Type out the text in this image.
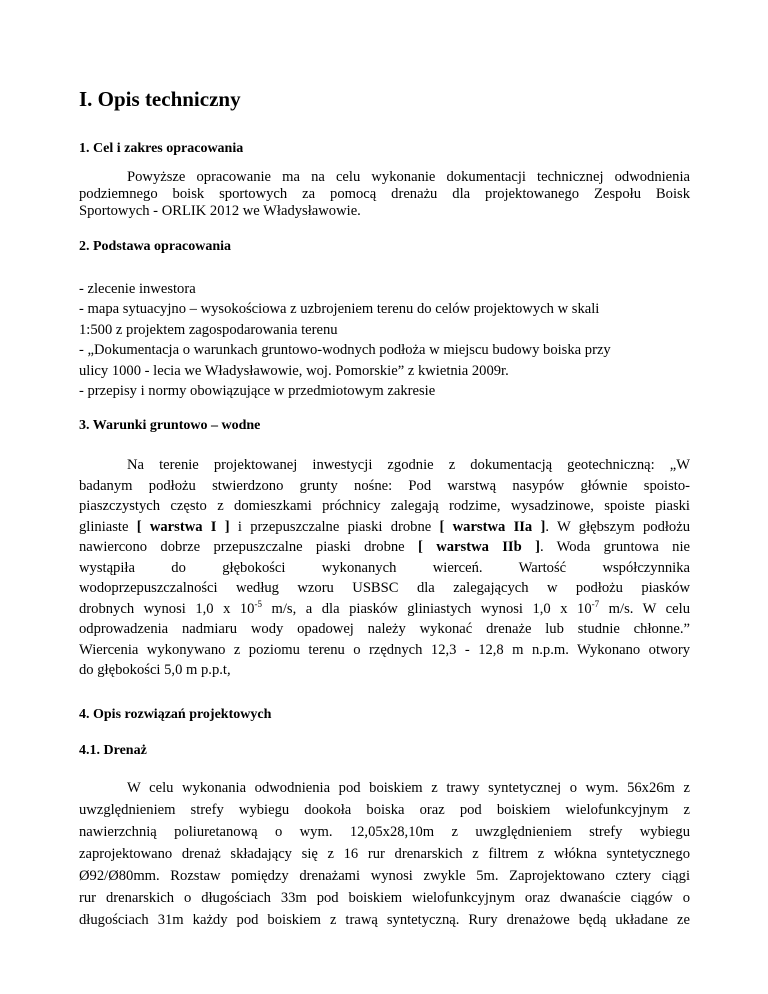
I. Opis techniczny
1. Cel i zakres opracowania
Powyższe opracowanie ma na celu wykonanie dokumentacji technicznej odwodnienia
podziemnego boisk sportowych za pomocą drenażu dla projektowanego Zespołu Boisk
Sportowych - ORLIK 2012 we Władysławowie.
2. Podstawa opracowania
- zlecenie inwestora
- mapa sytuacyjno – wysokościowa z uzbrojeniem terenu do celów projektowych w skali
1:500 z projektem zagospodarowania terenu
- „Dokumentacja o warunkach gruntowo-wodnych podłoża w miejscu budowy boiska przy
ulicy 1000 - lecia we Władysławowie, woj. Pomorskie” z kwietnia 2009r.
- przepisy i normy obowiązujące w przedmiotowym zakresie
3. Warunki gruntowo – wodne
Na terenie projektowanej inwestycji zgodnie z dokumentacją geotechniczną: „W
badanym podłożu stwierdzono grunty nośne: Pod warstwą nasypów głównie spoisto-
piaszczystych często z domieszkami próchnicy zalegają rodzime, wysadzinowe, spoiste piaski
gliniaste [ warstwa I ] i przepuszczalne piaski drobne [ warstwa IIa ]. W głębszym podłożu
nawiercono dobrze przepuszczalne piaski drobne [ warstwa IIb ]. Woda gruntowa nie
wystąpiła do głębokości wykonanych wierceń. Wartość współczynnika
wodoprzepuszczalności według wzoru USBSC dla zalegających w podłożu piasków
drobnych wynosi 1,0 x $10^{-5}$ m/s, a dla piasków gliniastych wynosi 1,0 x $10^{-7}$ m/s. W celu
odprowadzenia nadmiaru wody opadowej należy wykonać drenaże lub studnie chłonne.”
Wiercenia wykonywano z poziomu terenu o rzędnych 12,3 - 12,8 m n.p.m. Wykonano otwory
do głębokości 5,0 m p.p.t,
4. Opis rozwiązań projektowych
4.1. Drenaż
W celu wykonania odwodnienia pod boiskiem z trawy syntetycznej o wym. 56x26m z
uwzględnieniem strefy wybiegu dookoła boiska oraz pod boiskiem wielofunkcyjnym z
nawierzchnią poliuretanową o wym. 12,05x28,10m z uwzględnieniem strefy wybiegu
zaprojektowano drenaż składający się z 16 rur drenarskich z filtrem z włókna syntetycznego
Ø92/Ø80mm. Rozstaw pomiędzy drenażami wynosi zwykle 5m. Zaprojektowano cztery ciągi
rur drenarskich o długościach 33m pod boiskiem wielofunkcyjnym oraz dwanaście ciągów o
długościach 31m każdy pod boiskiem z trawą syntetyczną. Rury drenażowe będą układane ze
